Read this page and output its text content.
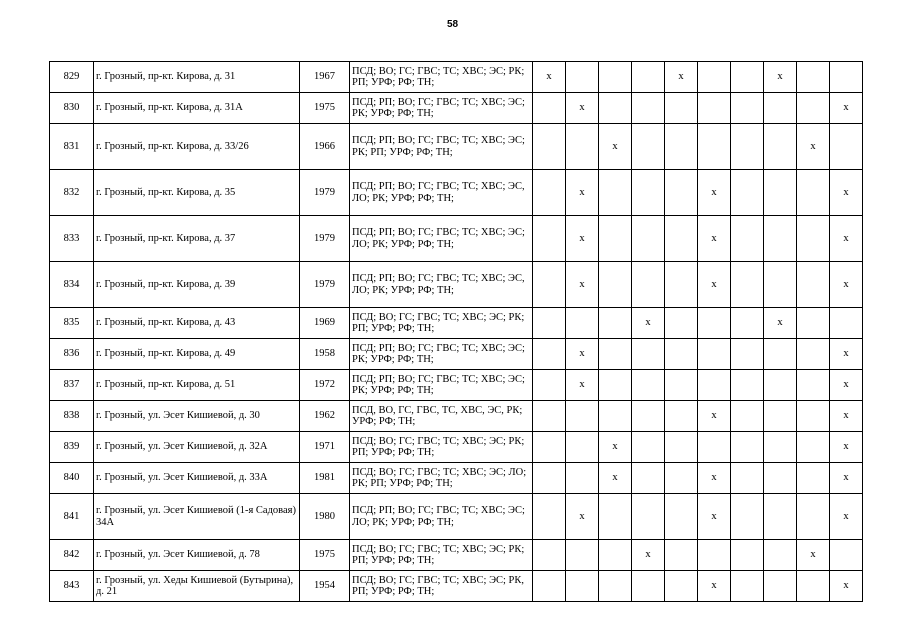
58
829	г. Грозный, пр-кт. Кирова, д. 31	1967	ПСД; ВО; ГС; ГВС; ТС; ХВС; ЭС; РК; РП; УРФ; РФ; ТН;	х				х			х		
830	г. Грозный, пр-кт. Кирова, д. 31А	1975	ПСД; РП; ВО; ГС; ГВС; ТС; ХВС; ЭС; РК; УРФ; РФ; ТН;		х								х
831	г. Грозный, пр-кт. Кирова, д. 33/26	1966	ПСД; РП; ВО; ГС; ГВС; ТС; ХВС; ЭС; РК; РП; УРФ; РФ; ТН;			х						х	
832	г. Грозный, пр-кт. Кирова, д. 35	1979	ПСД; РП; ВО; ГС; ГВС; ТС; ХВС; ЭС, ЛО; РК; УРФ; РФ; ТН;		х				х				х
833	г. Грозный, пр-кт. Кирова, д. 37	1979	ПСД; РП; ВО; ГС; ГВС; ТС; ХВС; ЭС; ЛО; РК; УРФ; РФ; ТН;		х				х				х
834	г. Грозный, пр-кт. Кирова, д. 39	1979	ПСД; РП; ВО; ГС; ГВС; ТС; ХВС; ЭС, ЛО; РК; УРФ; РФ; ТН;		х				х				х
835	г. Грозный, пр-кт. Кирова, д. 43	1969	ПСД; ВО; ГС; ГВС; ТС; ХВС; ЭС; РК; РП; УРФ; РФ; ТН;				х				х		
836	г. Грозный, пр-кт. Кирова, д. 49	1958	ПСД; РП; ВО; ГС; ГВС; ТС; ХВС; ЭС; РК; УРФ; РФ; ТН;		х								х
837	г. Грозный, пр-кт. Кирова, д. 51	1972	ПСД; РП; ВО; ГС; ГВС; ТС; ХВС; ЭС; РК; УРФ; РФ; ТН;		х								х
838	г. Грозный, ул. Эсет Кишиевой, д. 30	1962	ПСД, ВО, ГС, ГВС, ТС, ХВС, ЭС, РК; УРФ; РФ; ТН;						х				х
839	г. Грозный, ул. Эсет Кишиевой, д. 32А	1971	ПСД; ВО; ГС; ГВС; ТС; ХВС; ЭС; РК; РП; УРФ; РФ; ТН;			х							х
840	г. Грозный, ул. Эсет Кишиевой, д. 33А	1981	ПСД; ВО; ГС; ГВС; ТС; ХВС; ЭС; ЛО; РК; РП; УРФ; РФ; ТН;			х			х				х
841	г. Грозный, ул. Эсет Кишиевой (1-я Садовая) 34А	1980	ПСД; РП; ВО; ГС; ГВС; ТС; ХВС; ЭС; ЛО; РК; УРФ; РФ; ТН;		х				х				х
842	г. Грозный, ул. Эсет Кишиевой, д. 78	1975	ПСД; ВО; ГС; ГВС; ТС; ХВС; ЭС; РК; РП; УРФ; РФ; ТН;				х					х	
843	г. Грозный, ул. Хеды Кишиевой (Бутырина), д. 21	1954	ПСД; ВО; ГС; ГВС; ТС; ХВС; ЭС; РК, РП; УРФ; РФ; ТН;						х				х
